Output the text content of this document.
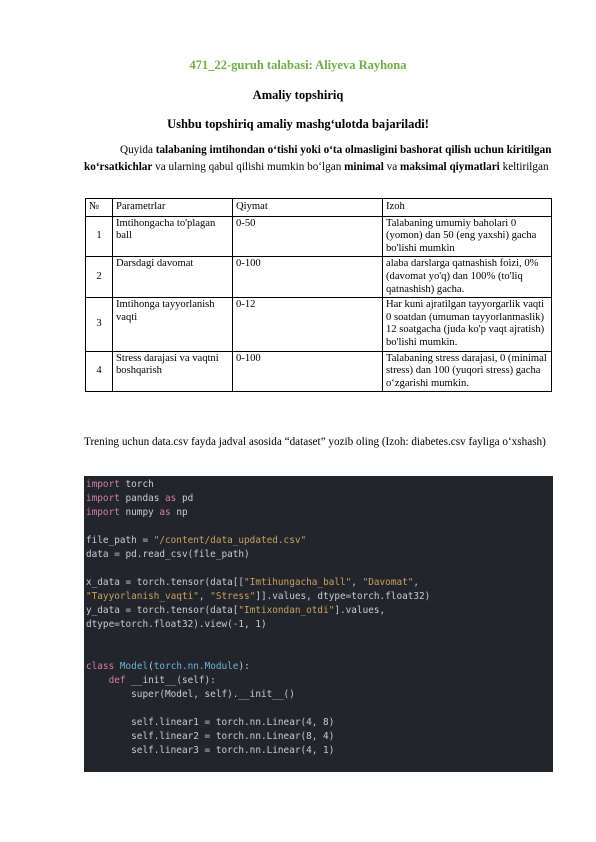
471_22-guruh talabasi: Aliyeva Rayhona
Amaliy topshiriq
Ushbu topshiriq amaliy mashg‘ulotda bajariladi!
Quyida talabaning imtihondan o‘tishi yoki o‘ta olmasligini bashorat qilish uchun kiritilgan ko‘rsatkichlar va ularning qabul qilishi mumkin bo‘lgan minimal va maksimal qiymatlari keltirilgan
№	Parametrlar	Qiymat	Izoh
1	Imtihongacha to'plagan ball	0-50	Talabaning umumiy baholari 0 (yomon) dan 50 (eng yaxshi) gacha bo'lishi mumkin
2	Darsdagi davomat	0-100	alaba darslarga qatnashish foizi, 0% (davomat yo'q) dan 100% (to'liq qatnashish) gacha.
3	Imtihonga tayyorlanish vaqti	0-12	Har kuni ajratilgan tayyorgarlik vaqti 0 soatdan (umuman tayyorlanmaslik) 12 soatgacha (juda ko'p vaqt ajratish) bo'lishi mumkin.
4	Stress darajasi va vaqtni boshqarish	0-100	Talabaning stress darajasi, 0 (minimal stress) dan 100 (yuqori stress) gacha o‘zgarishi mumkin.
Trening uchun data.csv fayda jadval asosida “dataset” yozib oling (Izoh: diabetes.csv fayliga o‘xshash)
import torch
import pandas as pd
import numpy as np

file_path = "/content/data_updated.csv"
data = pd.read_csv(file_path)

x_data = torch.tensor(data[["Imtihungacha_ball", "Davomat",
"Tayyorlanish_vaqti", "Stress"]].values, dtype=torch.float32)
y_data = torch.tensor(data["Imtixondan_otdi"].values,
dtype=torch.float32).view(-1, 1)

class Model(torch.nn.Module):
def __init__(self):
super(Model, self).__init__()

self.linear1 = torch.nn.Linear(4, 8)
self.linear2 = torch.nn.Linear(8, 4)
self.linear3 = torch.nn.Linear(4, 1)
